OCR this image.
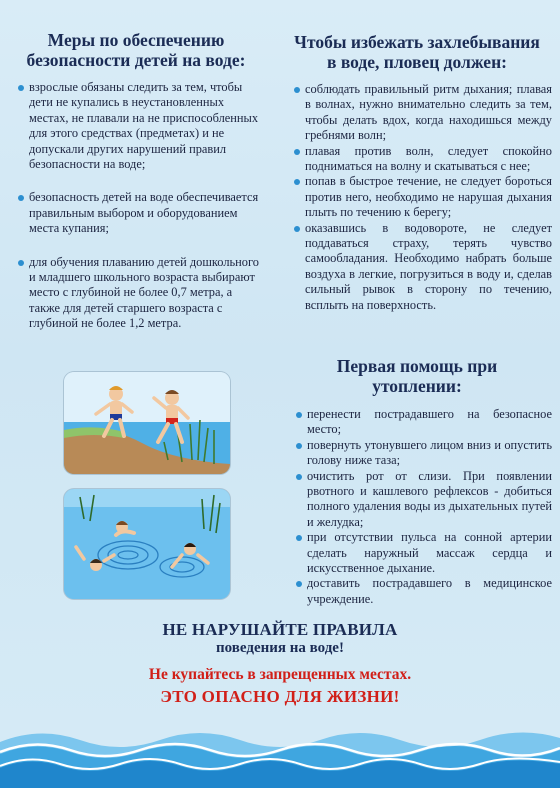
Меры по обеспечению
безопасности детей на воде:
взрослые обязаны следить за тем, чтобы дети не купались в неустановленных местах, не плавали на не приспособленных для этого средствах (предметах) и не допускали других нарушений правил безопасности на воде;
безопасность детей на воде обеспечивается правильным выбором и оборудованием места купания;
для обучения плаванию детей дошкольного и младшего школьного возраста выбирают место с глубиной не более 0,7 метра, а также для детей старшего возраста с глубиной не более 1,2 метра.
Чтобы избежать захлебывания
в воде, пловец должен:
соблюдать правильный ритм дыхания; плавая в волнах, нужно внимательно следить за тем, чтобы делать вдох, когда находишься между гребнями волн;
плавая против волн, следует спокойно подниматься на волну и скатываться с нее;
попав в быстрое течение, не следует бороться против него, необходимо не нарушая дыхания плыть по течению к берегу;
оказавшись в водовороте, не следует поддаваться страху, терять чувство самообладания. Необходимо набрать больше воздуха в легкие, погрузиться в воду и, сделав сильный рывок в сторону по течению, всплыть на поверхность.
Первая помощь при
утоплении:
перенести пострадавшего на безопасное место;
повернуть утонувшего лицом вниз и опустить голову ниже таза;
очистить рот от слизи. При появлении рвотного и кашлевого рефлексов - добиться полного удаления воды из дыхательных путей и желудка;
при отсутствии пульса на сонной артерии сделать наружный массаж сердца и искусственное дыхание.
доставить пострадавшего в медицинское учреждение.
НЕ НАРУШАЙТЕ ПРАВИЛА
поведения на воде!
Не купайтесь в запрещенных местах.
ЭТО ОПАСНО ДЛЯ ЖИЗНИ!
